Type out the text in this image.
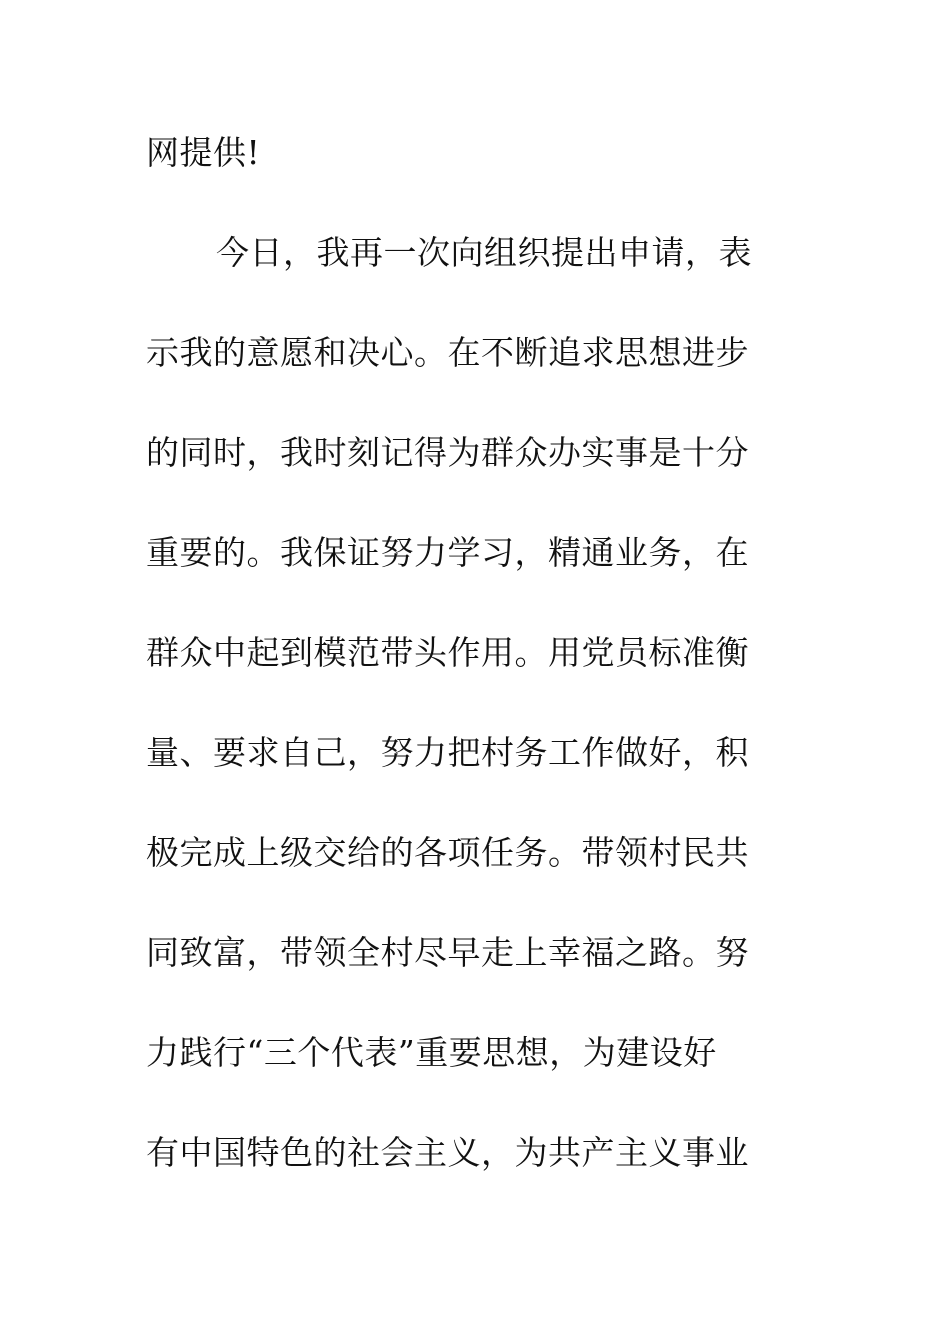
网提供!
今日，我再一次向组织提出申请，表
示我的意愿和决心。在不断追求思想进步
的同时，我时刻记得为群众办实事是十分
重要的。我保证努力学习，精通业务，在
群众中起到模范带头作用。用党员标准衡
量、要求自己，努力把村务工作做好，积
极完成上级交给的各项任务。带领村民共
同致富，带领全村尽早走上幸福之路。努
力践行“三个代表”重要思想，为建设好
有中国特色的社会主义，为共产主义事业
